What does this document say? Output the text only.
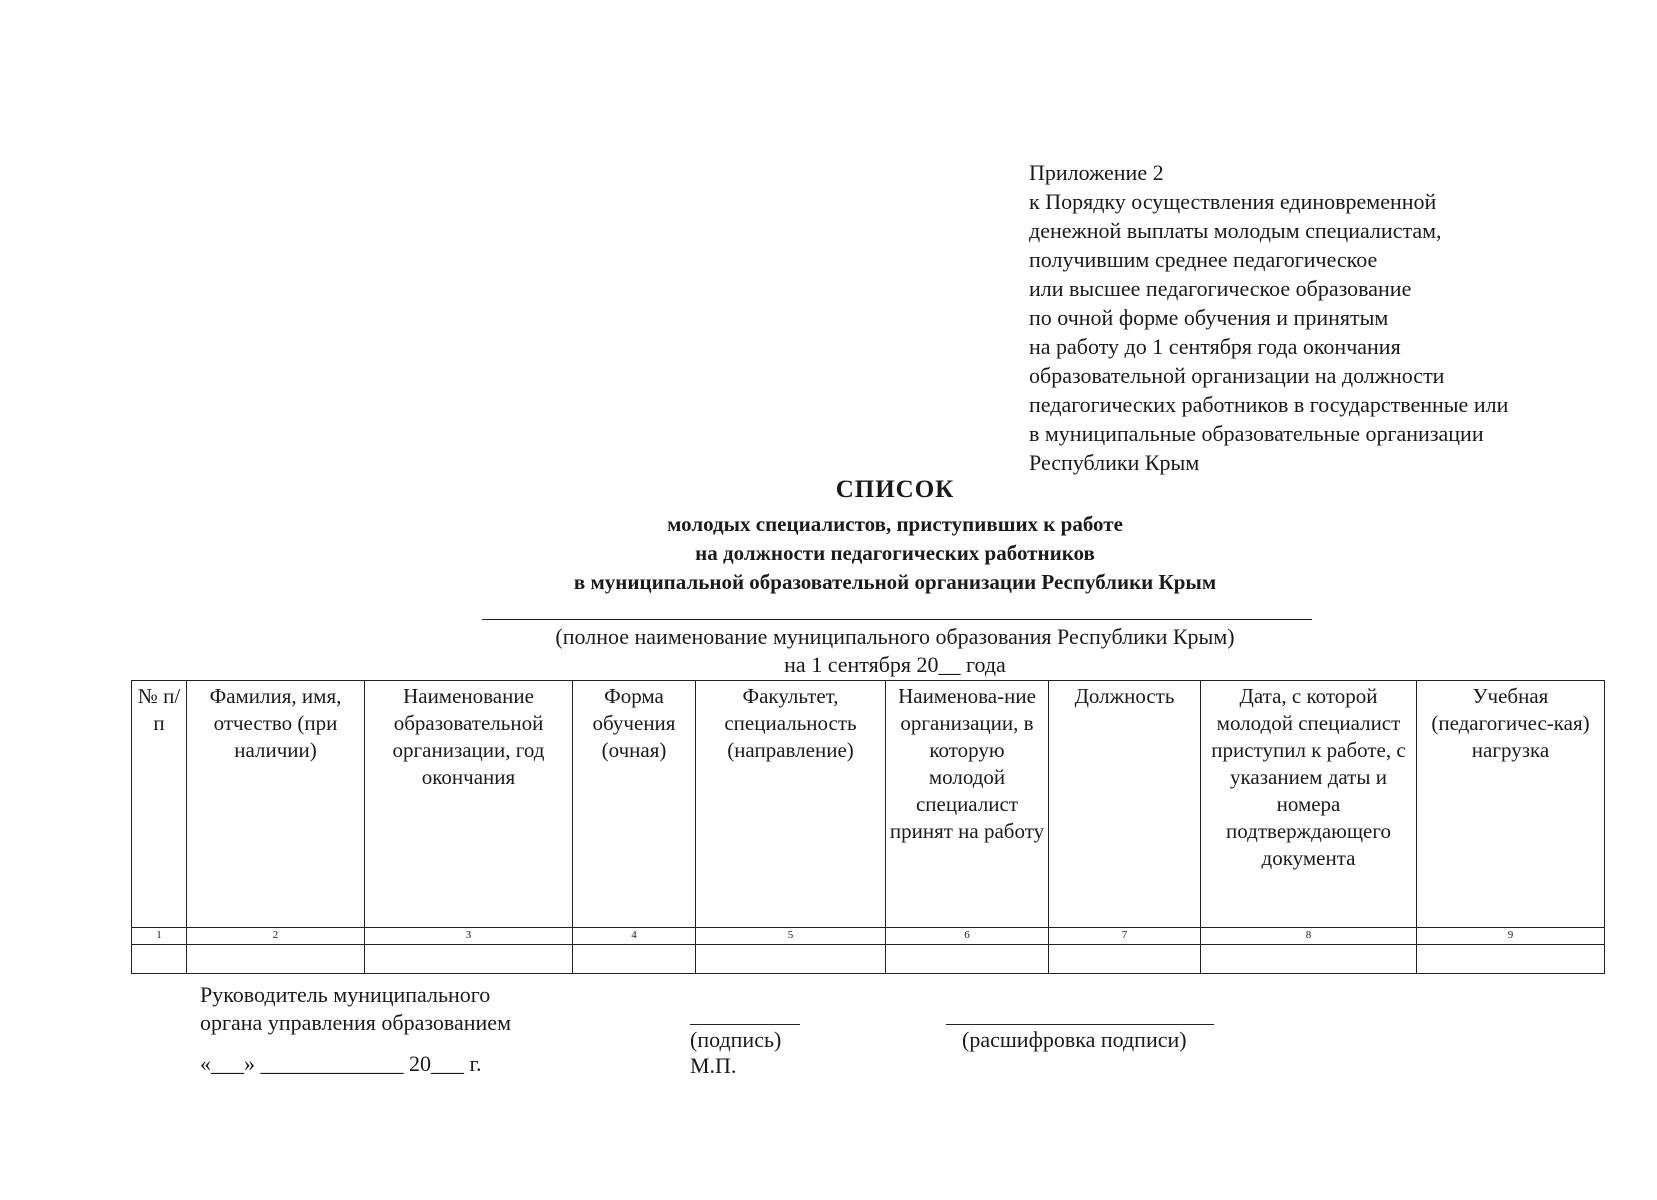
Приложение 2
к Порядку осуществления единовременной
денежной выплаты молодым специалистам,
получившим среднее педагогическое
или высшее педагогическое образование
по очной форме обучения и принятым
на работу до 1 сентября года окончания
образовательной организации на должности
педагогических работников в государственные или
в муниципальные образовательные организации
Республики Крым
СПИСОК
молодых специалистов, приступивших к работе
на должности педагогических работников
в муниципальной образовательной организации Республики Крым
(полное наименование муниципального образования Республики Крым)
на 1 сентября 20__ года
№ п/п	Фамилия, имя, отчество (при наличии)	Наименование образовательной организации, год окончания	Форма обучения (очная)	Факультет, специальность (направление)	Наименова-ние организации, в которую молодой специалист принят на работу	Должность	Дата, с которой молодой специалист приступил к работе, с указанием даты и номера подтверждающего документа	Учебная (педагогичес-кая) нагрузка
1	2	3	4	5	6	7	8	9

Руководитель муниципального
органа управления образованием
«___» _____________ 20___ г.
(подпись)	(расшифровка подписи)
М.П.
